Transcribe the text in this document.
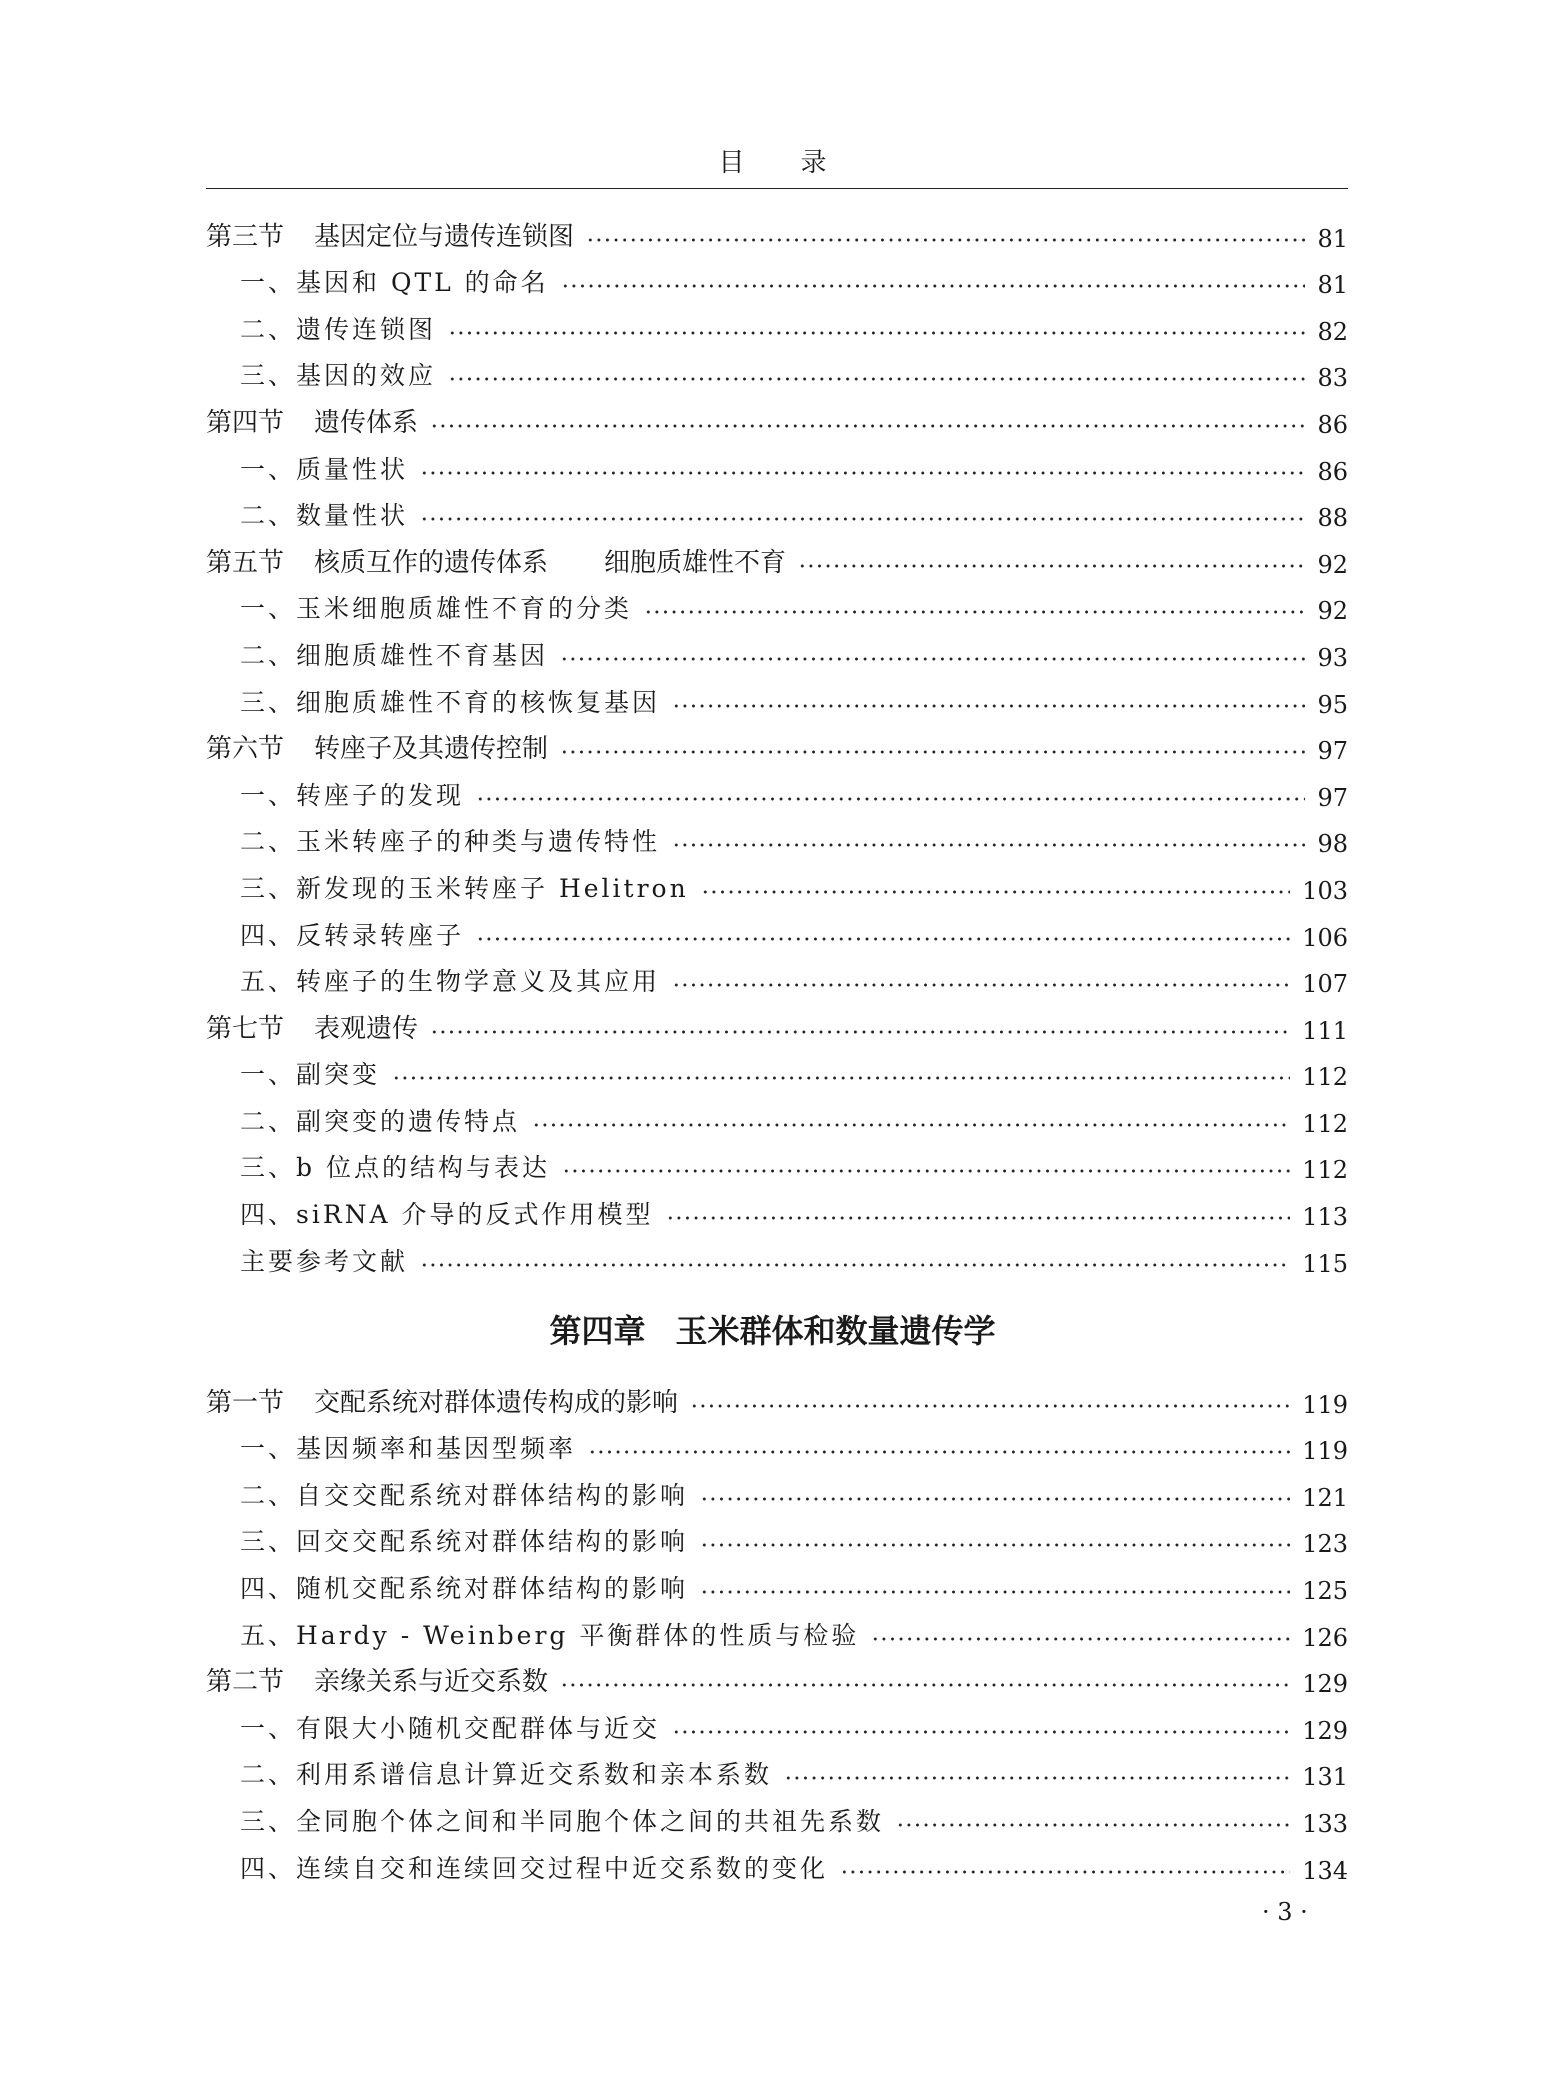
目 录
第三节 基因定位与遗传连锁图	81
一、基因和 QTL 的命名	81
二、遗传连锁图	82
三、基因的效应	83
第四节 遗传体系	86
一、质量性状	86
二、数量性状	88
第五节 核质互作的遗传体系 细胞质雄性不育	92
一、玉米细胞质雄性不育的分类	92
二、细胞质雄性不育基因	93
三、细胞质雄性不育的核恢复基因	95
第六节 转座子及其遗传控制	97
一、转座子的发现	97
二、玉米转座子的种类与遗传特性	98
三、新发现的玉米转座子 Helitron	103
四、反转录转座子	106
五、转座子的生物学意义及其应用	107
第七节 表观遗传	111
一、副突变	112
二、副突变的遗传特点	112
三、b 位点的结构与表达	112
四、siRNA 介导的反式作用模型	113
主要参考文献	115
第四章 玉米群体和数量遗传学
第一节 交配系统对群体遗传构成的影响	119
一、基因频率和基因型频率	119
二、自交交配系统对群体结构的影响	121
三、回交交配系统对群体结构的影响	123
四、随机交配系统对群体结构的影响	125
五、Hardy - Weinberg 平衡群体的性质与检验	126
第二节 亲缘关系与近交系数	129
一、有限大小随机交配群体与近交	129
二、利用系谱信息计算近交系数和亲本系数	131
三、全同胞个体之间和半同胞个体之间的共祖先系数	133
四、连续自交和连续回交过程中近交系数的变化	134
· 3 ·
